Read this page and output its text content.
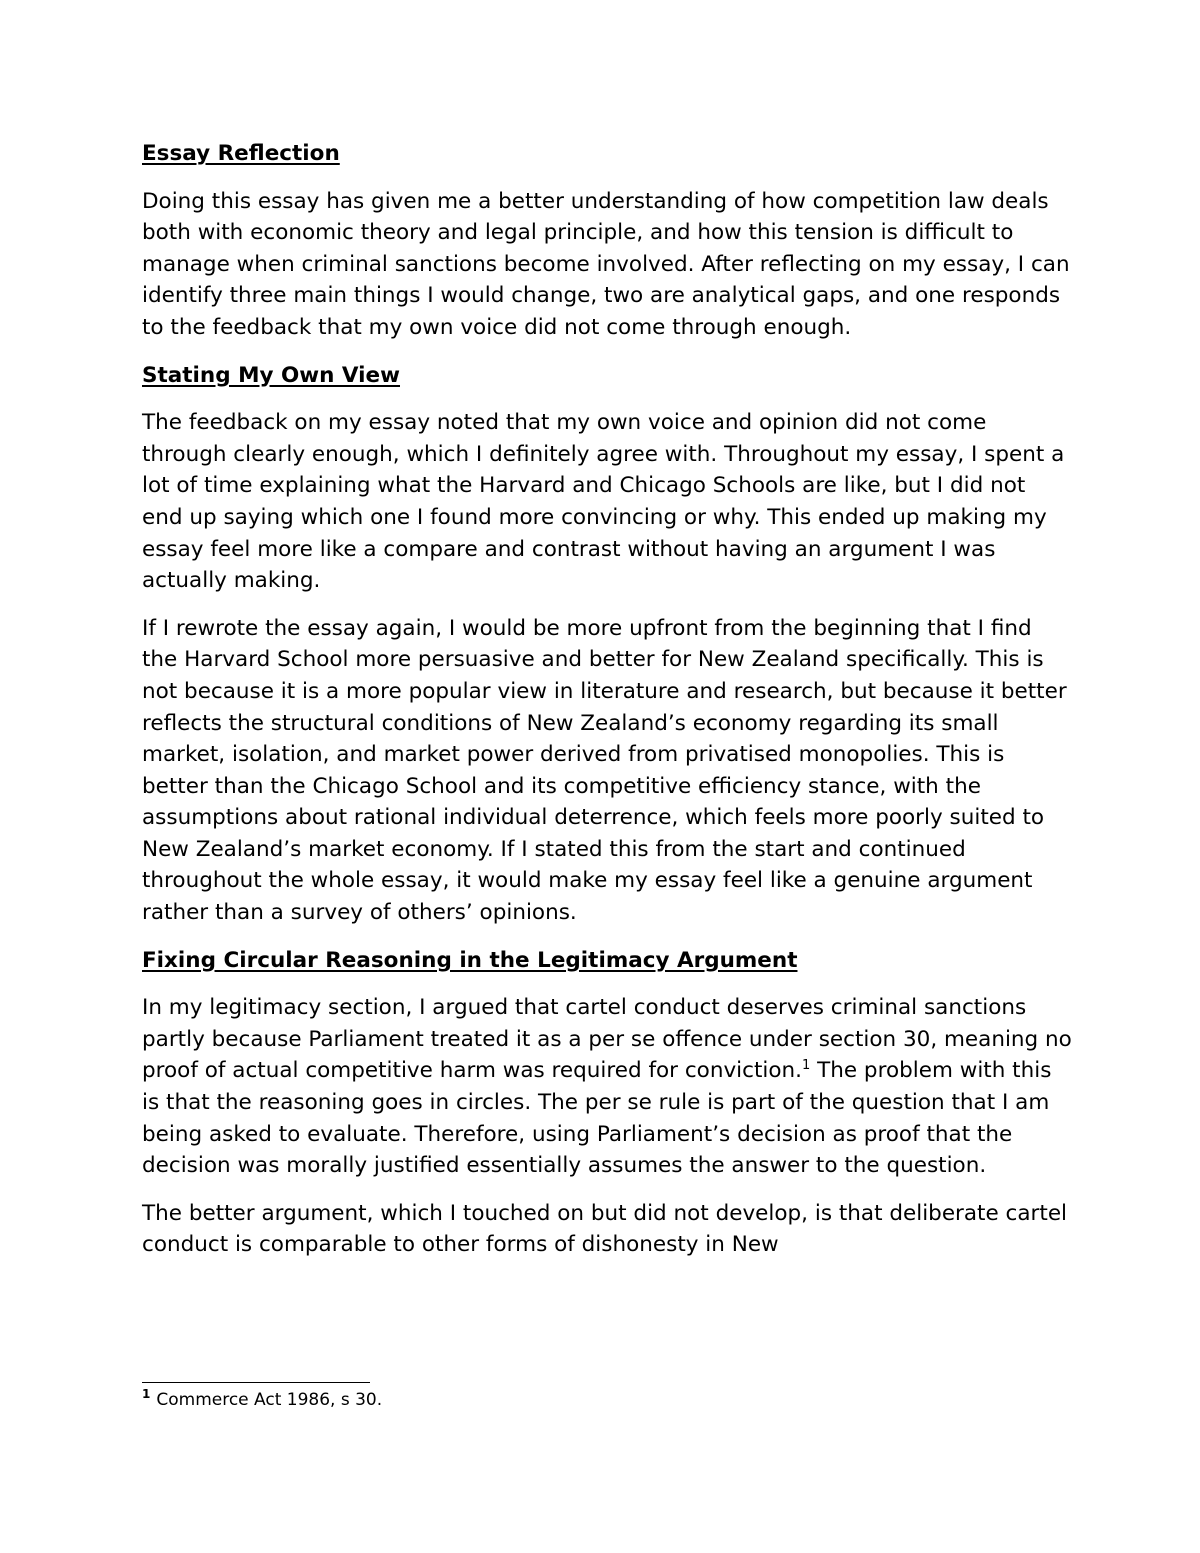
Essay Reflection

Doing this essay has given me a better understanding of how competition law deals both with economic theory and legal principle, and how this tension is difficult to manage when criminal sanctions become involved. After reflecting on my essay, I can identify three main things I would change, two are analytical gaps, and one responds to the feedback that my own voice did not come through enough.

Stating My Own View

The feedback on my essay noted that my own voice and opinion did not come through clearly enough, which I definitely agree with. Throughout my essay, I spent a lot of time explaining what the Harvard and Chicago Schools are like, but I did not end up saying which one I found more convincing or why. This ended up making my essay feel more like a compare and contrast without having an argument I was actually making.

If I rewrote the essay again, I would be more upfront from the beginning that I find the Harvard School more persuasive and better for New Zealand specifically. This is not because it is a more popular view in literature and research, but because it better reflects the structural conditions of New Zealand’s economy regarding its small market, isolation, and market power derived from privatised monopolies. This is better than the Chicago School and its competitive efficiency stance, with the assumptions about rational individual deterrence, which feels more poorly suited to New Zealand’s market economy. If I stated this from the start and continued throughout the whole essay, it would make my essay feel like a genuine argument rather than a survey of others’ opinions.

Fixing Circular Reasoning in the Legitimacy Argument

In my legitimacy section, I argued that cartel conduct deserves criminal sanctions partly because Parliament treated it as a per se offence under section 30, meaning no proof of actual competitive harm was required for conviction.$^1$ The problem with this is that the reasoning goes in circles. The per se rule is part of the question that I am being asked to evaluate. Therefore, using Parliament’s decision as proof that the decision was morally justified essentially assumes the answer to the question.

The better argument, which I touched on but did not develop, is that deliberate cartel conduct is comparable to other forms of dishonesty in New

$^1$ Commerce Act 1986, s 30.
